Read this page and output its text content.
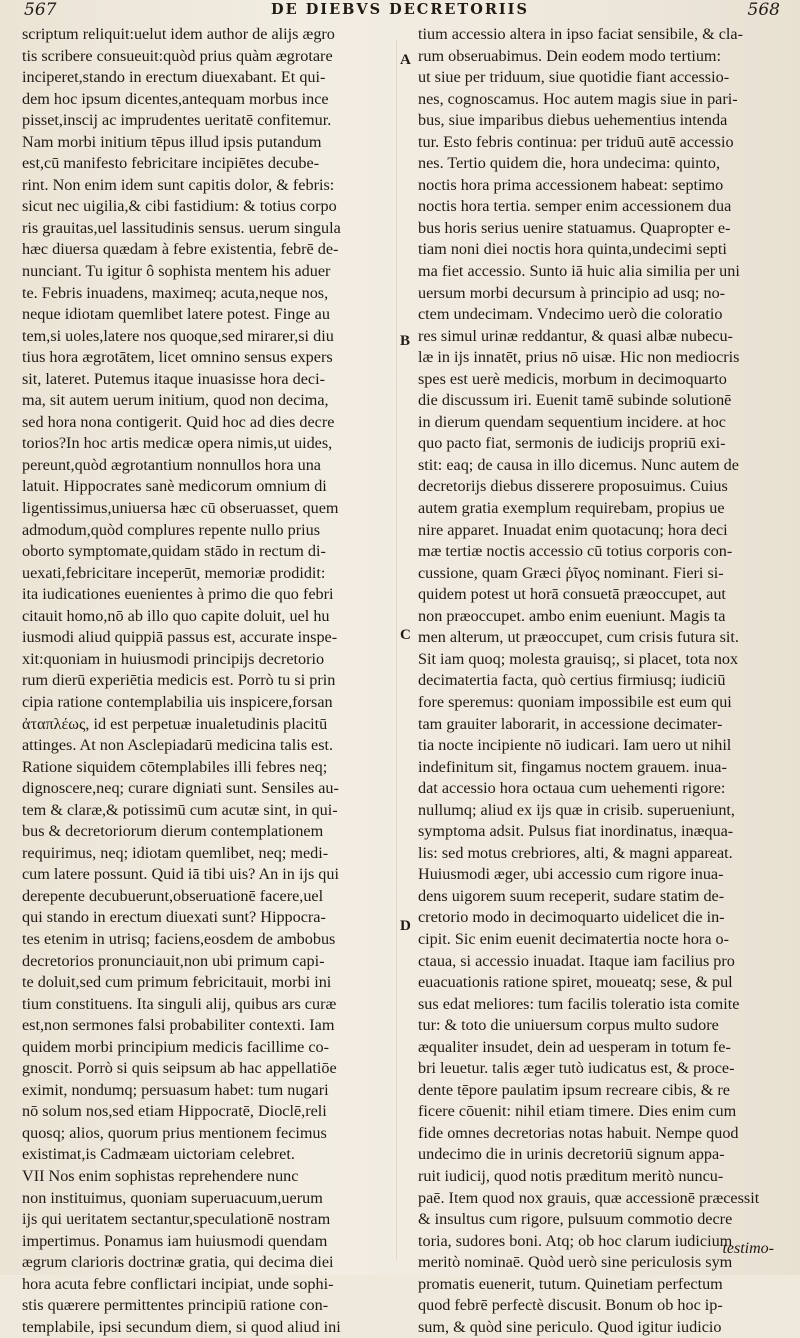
567	DE DIEBVS DECRETORIIS	568
scriptum reliquit:uelut idem author de alijs ægro
tis scribere consueuit:quòd prius quàm ægrotare
inciperet,stando in erectum diuexabant. Et qui-
dem hoc ipsum dicentes,antequam morbus ince
pisset,inscij ac imprudentes ueritatē confitemur.
Nam morbi initium tēpus illud ipsis putandum
est,cū manifesto febricitare incipiētes decube-
rint. Non enim idem sunt capitis dolor, & febris:
sicut nec uigilia,& cibi fastidium: & totius corpo
ris grauitas,uel lassitudinis sensus. uerum singula
hæc diuersa quædam à febre existentia, febrē de-
nunciant. Tu igitur ô sophista mentem his aduer
te. Febris inuadens, maximeq; acuta,neque nos,
neque idiotam quemlibet latere potest. Finge au
tem,si uoles,latere nos quoque,sed mirarer,si diu
tius hora ægrotātem, licet omnino sensus expers
sit, lateret. Putemus itaque inuasisse hora deci-
ma, sit autem uerum initium, quod non decima,
sed hora nona contigerit. Quid hoc ad dies decre
torios?In hoc artis medicæ opera nimis,ut uides,
pereunt,quòd ægrotantium nonnullos hora una
latuit. Hippocrates sanè medicorum omnium di
ligentissimus,uniuersa hæc cū obseruasset, quem
admodum,quòd complures repente nullo prius
oborto symptomate,quidam stādo in rectum di-
uexati,febricitare inceperūt, memoriæ prodidit:
ita iudicationes euenientes à primo die quo febri
citauit homo,nō ab illo quo capite doluit, uel hu
iusmodi aliud quippiā passus est, accurate inspe-
xit:quoniam in huiusmodi principijs decretorio
rum dierū experiētia medicis est. Porrò tu si prin
cipia ratione contemplabilia uis inspicere,forsan
ἀταπλέως, id est perpetuæ inualetudinis placitū
attinges. At non Asclepiadarū medicina talis est.
Ratione siquidem cōtemplabiles illi febres neq;
dignoscere,neq; curare digniati sunt. Sensiles au-
tem & claræ,& potissimū cum acutæ sint, in qui-
bus & decretoriorum dierum contemplationem
requirimus, neq; idiotam quemlibet, neq; medi-
cum latere possunt. Quid iā tibi uis? An in ijs qui
derepente decubuerunt,obseruationē facere,uel
qui stando in erectum diuexati sunt? Hippocra-
tes etenim in utrisq; faciens,eosdem de ambobus
decretorios pronunciauit,non ubi primum capi-
te doluit,sed cum primum febricitauit, morbi ini
tium constituens. Ita singuli alij, quibus ars curæ
est,non sermones falsi probabiliter contexti. Iam
quidem morbi principium medicis facillime co-
gnoscit. Porrò si quis seipsum ab hac appellatiōe
eximit, nondumq; persuasum habet: tum nugari
nō solum nos,sed etiam Hippocratē, Dioclē,reli
quosq; alios, quorum prius mentionem fecimus
existimat,is Cadmæam uictoriam celebret.
VII Nos enim sophistas reprehendere nunc
non instituimus, quoniam superuacuum,uerum
ijs qui ueritatem sectantur,speculationē nostram
impertimus. Ponamus iam huiusmodi quendam
ægrum clarioris doctrinæ gratia, qui decima diei
hora acuta febre conflictari incipiat, unde sophi-
stis quærere permittentes principiū ratione con-
templabile, ipsi secundum diem, si quod aliud ini
tium accessio altera in ipso faciat sensibile, & cla-
rum obseruabimus. Dein eodem modo tertium:
ut siue per triduum, siue quotidie fiant accessio-
nes, cognoscamus. Hoc autem magis siue in pari-
bus, siue imparibus diebus uehementius intenda
tur. Esto febris continua: per triduū autē accessio
nes. Tertio quidem die, hora undecima: quinto,
noctis hora prima accessionem habeat: septimo
noctis hora tertia. semper enim accessionem dua
bus horis serius uenire statuamus. Quapropter e-
tiam noni diei noctis hora quinta,undecimi septi
ma fiet accessio. Sunto iā huic alia similia per uni
uersum morbi decursum à principio ad usq; no-
ctem undecimam. Vndecimo uerò die coloratio
res simul urinæ reddantur, & quasi albæ nubecu-
læ in ijs innatēt, prius nō uisæ. Hic non mediocris
spes est uerè medicis, morbum in decimoquarto
die discussum iri. Euenit tamē subinde solutionē
in dierum quendam sequentium incidere. at hoc
quo pacto fiat, sermonis de iudicijs propriū exi-
stit: eaq; de causa in illo dicemus. Nunc autem de
decretorijs diebus disserere proposuimus. Cuius
autem gratia exemplum requirebam, propius ue
nire apparet. Inuadat enim quotacunq; hora deci
mæ tertiæ noctis accessio cū totius corporis con-
cussione, quam Græci ῥῖγος nominant. Fieri si-
quidem potest ut horā consuetā præoccupet, aut
non præoccupet. ambo enim eueniunt. Magis ta
men alterum, ut præoccupet, cum crisis futura sit.
Sit iam quoq; molesta grauisq;, si placet, tota nox
decimatertia facta, quò certius firmiusq; iudiciū
fore speremus: quoniam impossibile est eum qui
tam grauiter laborarit, in accessione decimater-
tia nocte incipiente nō iudicari. Iam uero ut nihil
indefinitum sit, fingamus noctem grauem. inua-
dat accessio hora octaua cum uehementi rigore:
nullumq; aliud ex ijs quæ in crisib. superueniunt,
symptoma adsit. Pulsus fiat inordinatus, inæqua-
lis: sed motus crebriores, alti, & magni appareat.
Huiusmodi æger, ubi accessio cum rigore inua-
dens uigorem suum receperit, sudare statim de-
cretorio modo in decimoquarto uidelicet die in-
cipit. Sic enim euenit decimatertia nocte hora o-
ctaua, si accessio inuadat. Itaque iam facilius pro
euacuationis ratione spiret, moueatq; sese, & pul
sus edat meliores: tum facilis toleratio ista comite
tur: & toto die uniuersum corpus multo sudore
æqualiter insudet, dein ad uesperam in totum fe-
bri leuetur. talis æger tutò iudicatus est, & proce-
dente tēpore paulatim ipsum recreare cibis, & re
ficere cōuenit: nihil etiam timere. Dies enim cum
fide omnes decretorias notas habuit. Nempe quod
undecimo die in urinis decretoriū signum appa-
ruit iudicij, quod notis præditum meritò nuncu-
paē. Item quod nox grauis, quæ accessionē præcessit
& insultus cum rigore, pulsuum commotio decre
toria, sudores boni. Atq; ob hoc clarum iudicium
meritò nominaē. Quòd uerò sine periculosis sym
promatis euenerit, tutum. Quinetiam perfectum
quod febrē perfectè discusit. Bonum ob hoc ip-
sum, & quòd sine periculo. Quod igitur iudicio
A
B
C
D
testimo-
